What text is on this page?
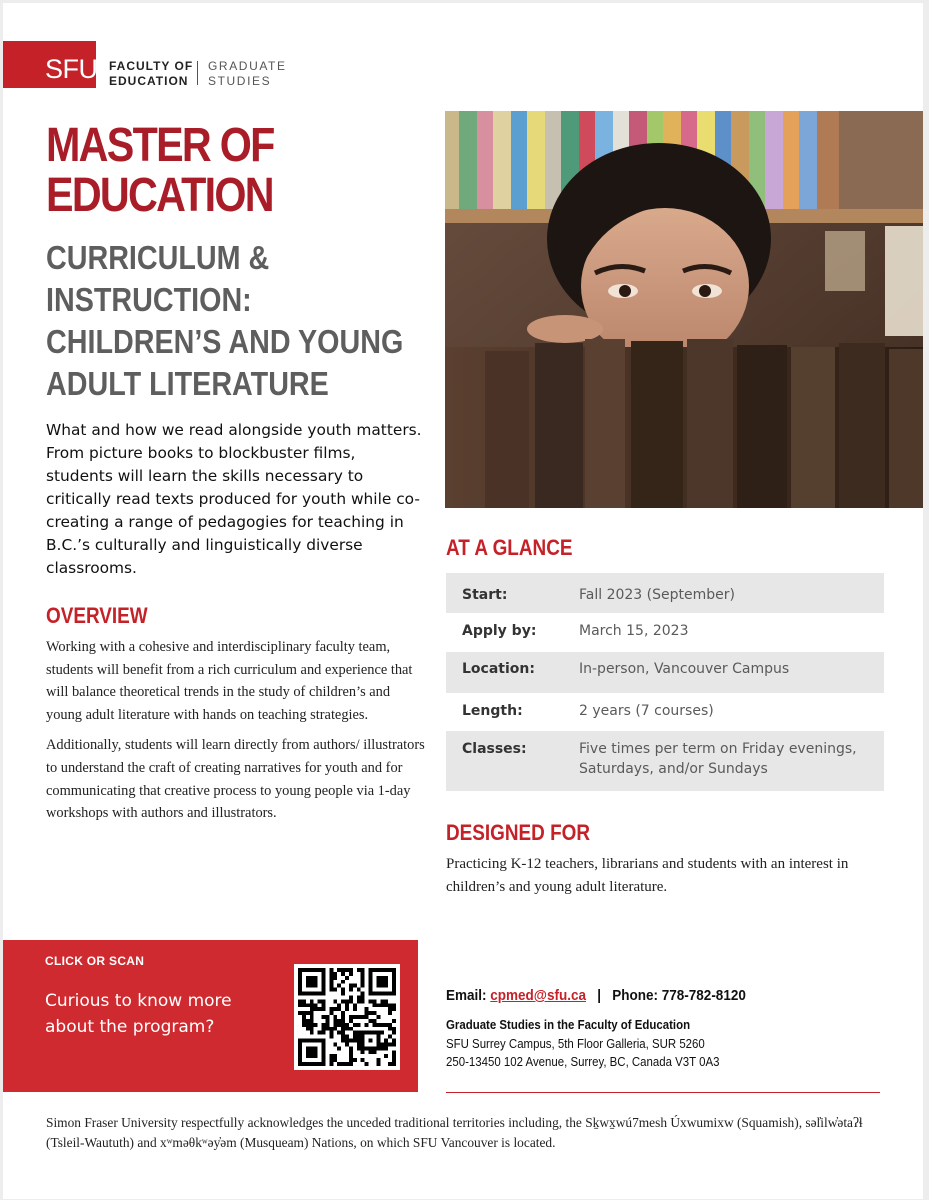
SFU FACULTY OF
EDUCATION
GRADUATE
STUDIES
MASTER OF
EDUCATION
CURRICULUM &
INSTRUCTION:
CHILDREN’S AND YOUNG
ADULT LITERATURE

What and how we read alongside youth matters. From picture books to blockbuster films, students will learn the skills necessary to critically read texts produced for youth while co-creating a range of pedagogies for teaching in B.C.’s culturally and linguistically diverse classrooms.

OVERVIEW

Working with a cohesive and interdisciplinary faculty team, students will benefit from a rich curriculum and experience that will balance theoretical trends in the study of children’s and young adult literature with hands on teaching strategies.

Additionally, students will learn directly from authors/ illustrators to understand the craft of creating narratives for youth and for communicating that creative process to young people via 1-day workshops with authors and illustrators.

AT A GLANCE
Start:	Fall 2023 (September)
Apply by:	March 15, 2023
Location:	In-person, Vancouver Campus
Length:	2 years (7 courses)
Classes:	Five times per term on Friday evenings, Saturdays, and/or Sundays
DESIGNED FOR

Practicing K-12 teachers, librarians and students with an interest in children’s and young adult literature.

CLICK OR SCAN
Curious to know more about the program?
Email: cpmed@sfu.ca | Phone: 778-782-8120
Graduate Studies in the Faculty of Education
SFU Surrey Campus, 5th Floor Galleria, SUR 5260
250-13450 102 Avenue, Surrey, BC, Canada V3T 0A3

Simon Fraser University respectfully acknowledges the unceded traditional territories including, the Sḵwx̱wú7mesh Úxwumixw (Squamish), səl̓ilw̓ətaʔɬ (Tsleil-Waututh) and xʷməθkʷəy̓əm (Musqueam) Nations, on which SFU Vancouver is located.
